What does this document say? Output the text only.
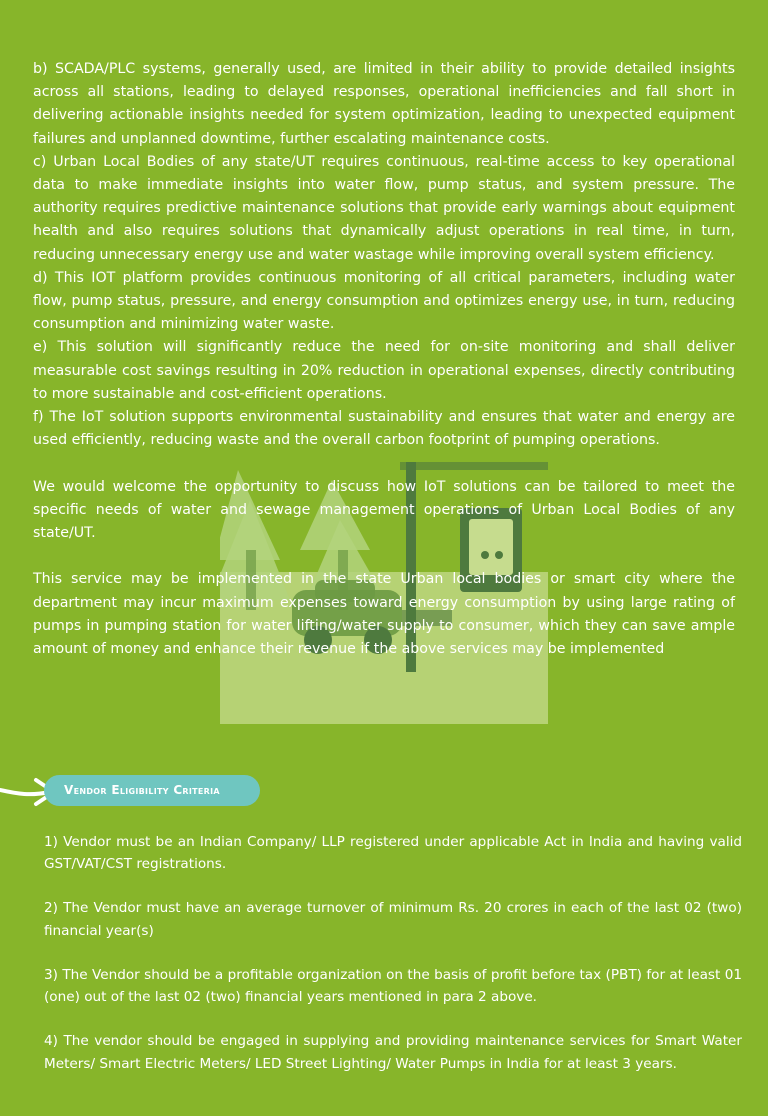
b) SCADA/PLC systems, generally used, are limited in their ability to provide detailed insights across all stations, leading to delayed responses, operational inefficiencies and fall short in delivering actionable insights needed for system optimization, leading to unexpected equipment failures and unplanned downtime, further escalating maintenance costs.

c) Urban Local Bodies of any state/UT requires continuous, real-time access to key operational data to make immediate insights into water flow, pump status, and system pressure. The authority requires predictive maintenance solutions that provide early warnings about equipment health and also requires solutions that dynamically adjust operations in real time, in turn, reducing unnecessary energy use and water wastage while improving overall system efficiency.

d) This IOT platform provides continuous monitoring of all critical parameters, including water flow, pump status, pressure, and energy consumption and optimizes energy use, in turn, reducing consumption and minimizing water waste.

e) This solution will significantly reduce the need for on-site monitoring and shall deliver measurable cost savings resulting in 20% reduction in operational expenses, directly contributing to more sustainable and cost-efficient operations.

f) The IoT solution supports environmental sustainability and ensures that water and energy are used efficiently, reducing waste and the overall carbon footprint of pumping operations.

We would welcome the opportunity to discuss how IoT solutions can be tailored to meet the specific needs of water and sewage management operations of Urban Local Bodies of any state/UT.

This service may be implemented in the state Urban local bodies or smart city where the department may incur maximum expenses toward energy consumption by using large rating of pumps in pumping station for water lifting/water supply to consumer, which they can save ample amount of money and enhance their revenue if the above services may be implemented

Vendor Eligibility Criteria

1) Vendor must be an Indian Company/ LLP registered under applicable Act in India and having valid GST/VAT/CST registrations.

2) The Vendor must have an average turnover of minimum Rs. 20 crores in each of the last 02 (two) financial year(s)

3) The Vendor should be a profitable organization on the basis of profit before tax (PBT) for at least 01 (one) out of the last 02 (two) financial years mentioned in para 2 above.

4) The vendor should be engaged in supplying and providing maintenance services for Smart Water Meters/ Smart Electric Meters/ LED Street Lighting/ Water Pumps in India for at least 3 years.
